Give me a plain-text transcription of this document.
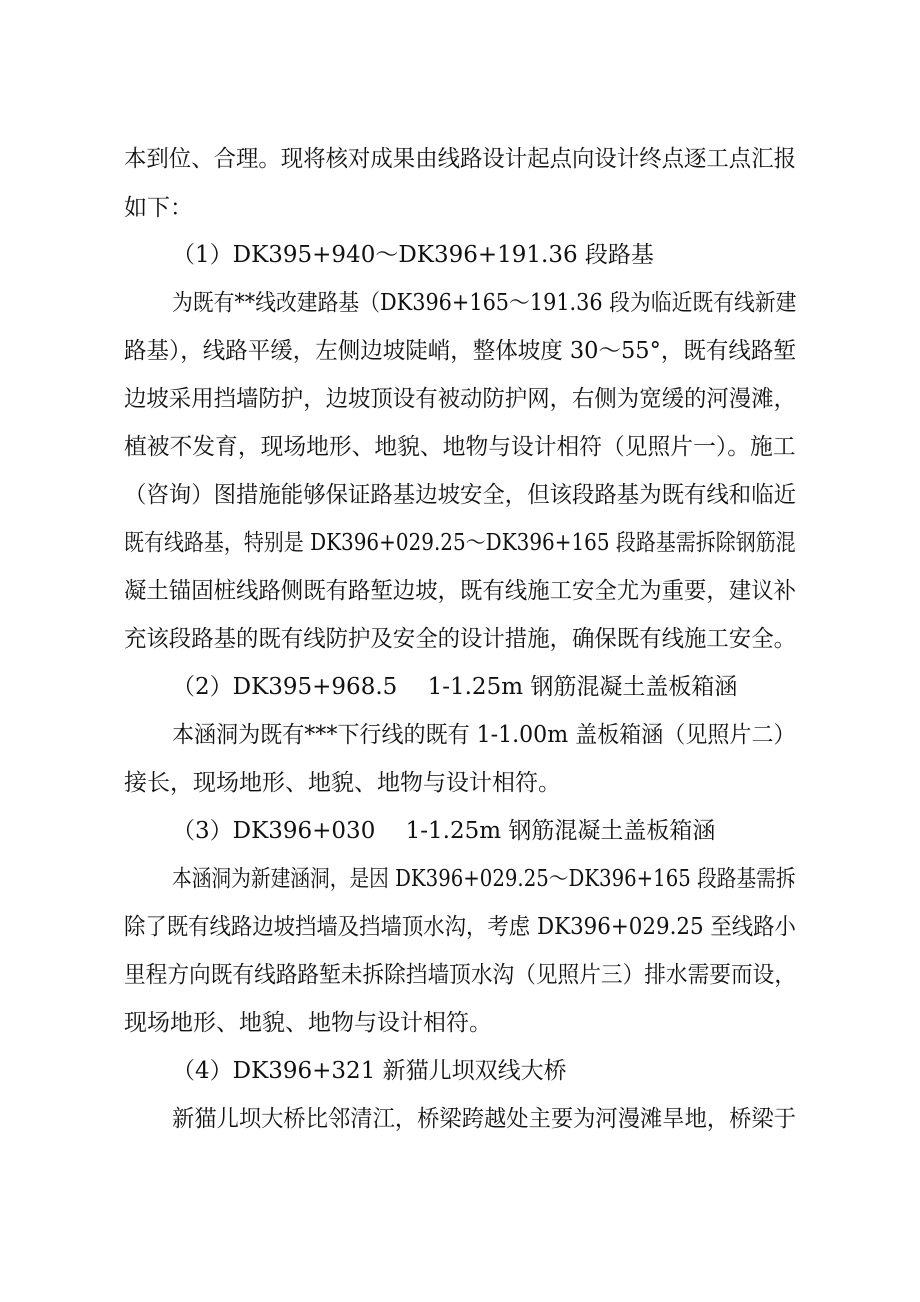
本到位、合理。现将核对成果由线路设计起点向设计终点逐工点汇报
如下：
（1）DK395+940～DK396+191.36 段路基
为既有**线改建路基（DK396+165～191.36 段为临近既有线新建
路基），线路平缓，左侧边坡陡峭，整体坡度 30～55°，既有线路堑
边坡采用挡墙防护，边坡顶设有被动防护网，右侧为宽缓的河漫滩，
植被不发育，现场地形、地貌、地物与设计相符（见照片一）。施工
（咨询）图措施能够保证路基边坡安全，但该段路基为既有线和临近
既有线路基，特别是 DK396+029.25～DK396+165 段路基需拆除钢筋混
凝土锚固桩线路侧既有路堑边坡，既有线施工安全尤为重要，建议补
充该段路基的既有线防护及安全的设计措施，确保既有线施工安全。
（2）DK395+968.5　 1-1.25m 钢筋混凝土盖板箱涵
本涵洞为既有***下行线的既有 1-1.00m 盖板箱涵（见照片二）
接长，现场地形、地貌、地物与设计相符。
（3）DK396+030　 1-1.25m 钢筋混凝土盖板箱涵
本涵洞为新建涵洞，是因 DK396+029.25～DK396+165 段路基需拆
除了既有线路边坡挡墙及挡墙顶水沟，考虑 DK396+029.25 至线路小
里程方向既有线路路堑未拆除挡墙顶水沟（见照片三）排水需要而设，
现场地形、地貌、地物与设计相符。
（4）DK396+321 新猫儿坝双线大桥
新猫儿坝大桥比邻清江，桥梁跨越处主要为河漫滩旱地，桥梁于
